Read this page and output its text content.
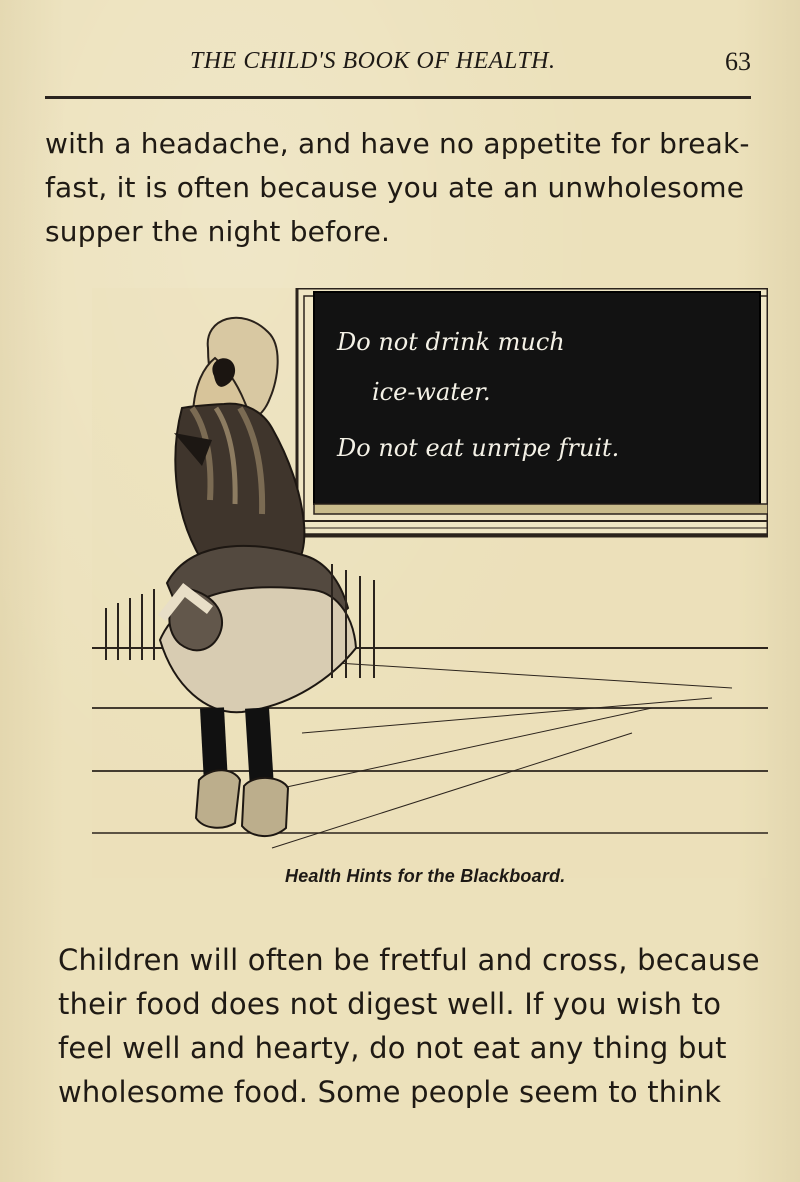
THE CHILD'S BOOK OF HEALTH.	63
with a headache, and have no appetite for break-fast, it is often because you ate an unwholesome supper the night before.
Do not drink much
ice-water.
Do not eat unripe fruit.
Health Hints for the Blackboard.
Children will often be fretful and cross, because their food does not digest well. If you wish to feel well and hearty, do not eat any thing but wholesome food. Some people seem to think
